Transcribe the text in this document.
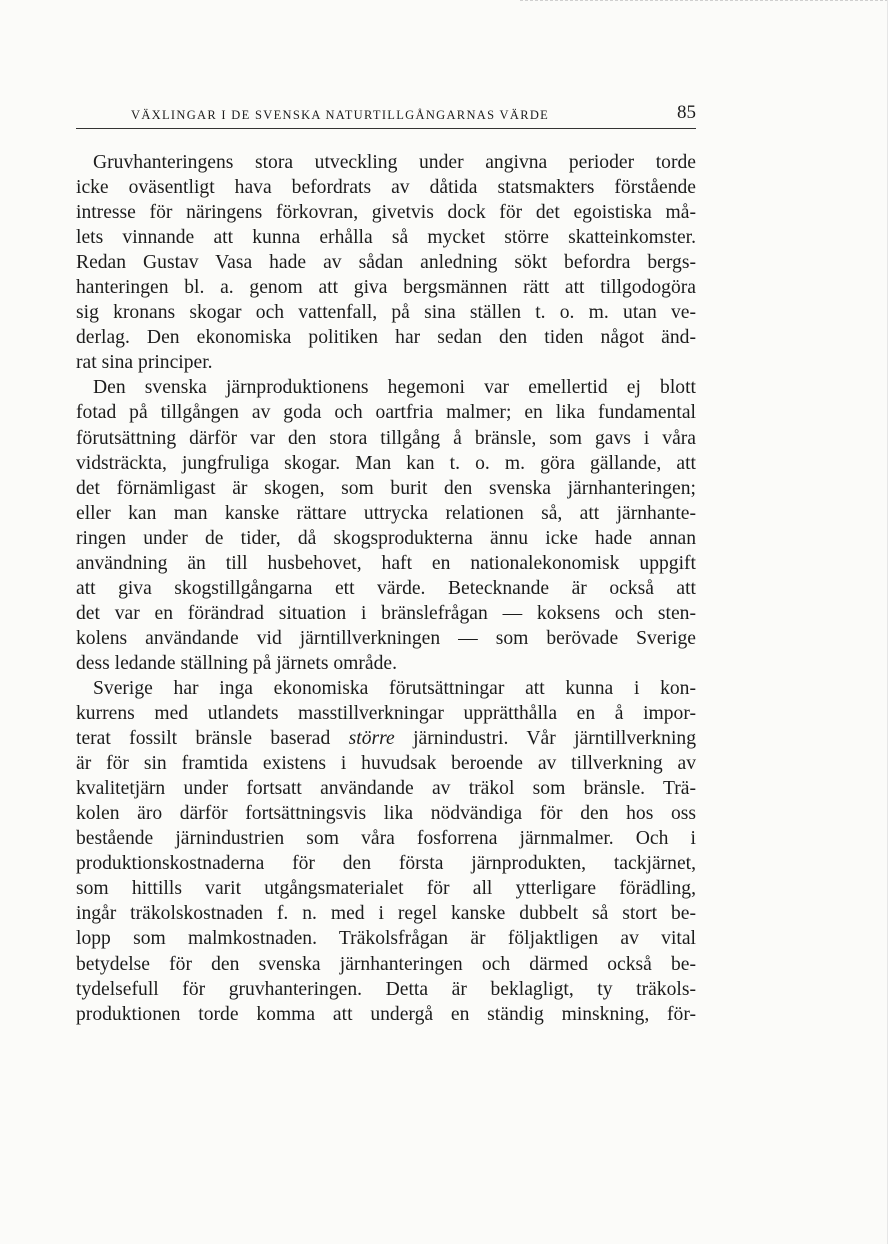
VÄXLINGAR I DE SVENSKA NATURTILLGÅNGARNAS VÄRDE	85
Gruvhanteringens stora utveckling under angivna perioder torde
icke oväsentligt hava befordrats av dåtida statsmakters förstående
intresse för näringens förkovran, givetvis dock för det egoistiska må-
lets vinnande att kunna erhålla så mycket större skatteinkomster.
Redan Gustav Vasa hade av sådan anledning sökt befordra bergs-
hanteringen bl. a. genom att giva bergsmännen rätt att tillgodogöra
sig kronans skogar och vattenfall, på sina ställen t. o. m. utan ve-
derlag. Den ekonomiska politiken har sedan den tiden något änd-
rat sina principer.
Den svenska järnproduktionens hegemoni var emellertid ej blott
fotad på tillgången av goda och oartfria malmer; en lika fundamental
förutsättning därför var den stora tillgång å bränsle, som gavs i våra
vidsträckta, jungfruliga skogar. Man kan t. o. m. göra gällande, att
det förnämligast är skogen, som burit den svenska järnhanteringen;
eller kan man kanske rättare uttrycka relationen så, att järnhante-
ringen under de tider, då skogsprodukterna ännu icke hade annan
användning än till husbehovet, haft en nationalekonomisk uppgift
att giva skogstillgångarna ett värde. Betecknande är också att
det var en förändrad situation i bränslefrågan — koksens och sten-
kolens användande vid järntillverkningen — som berövade Sverige
dess ledande ställning på järnets område.
Sverige har inga ekonomiska förutsättningar att kunna i kon-
kurrens med utlandets masstillverkningar upprätthålla en å impor-
terat fossilt bränsle baserad större järnindustri. Vår järntillverkning
är för sin framtida existens i huvudsak beroende av tillverkning av
kvalitetjärn under fortsatt användande av träkol som bränsle. Trä-
kolen äro därför fortsättningsvis lika nödvändiga för den hos oss
bestående järnindustrien som våra fosforrena järnmalmer. Och i
produktionskostnaderna för den första järnprodukten, tackjärnet,
som hittills varit utgångsmaterialet för all ytterligare förädling,
ingår träkolskostnaden f. n. med i regel kanske dubbelt så stort be-
lopp som malmkostnaden. Träkolsfrågan är följaktligen av vital
betydelse för den svenska järnhanteringen och därmed också be-
tydelsefull för gruvhanteringen. Detta är beklagligt, ty träkols-
produktionen torde komma att undergå en ständig minskning, för-
